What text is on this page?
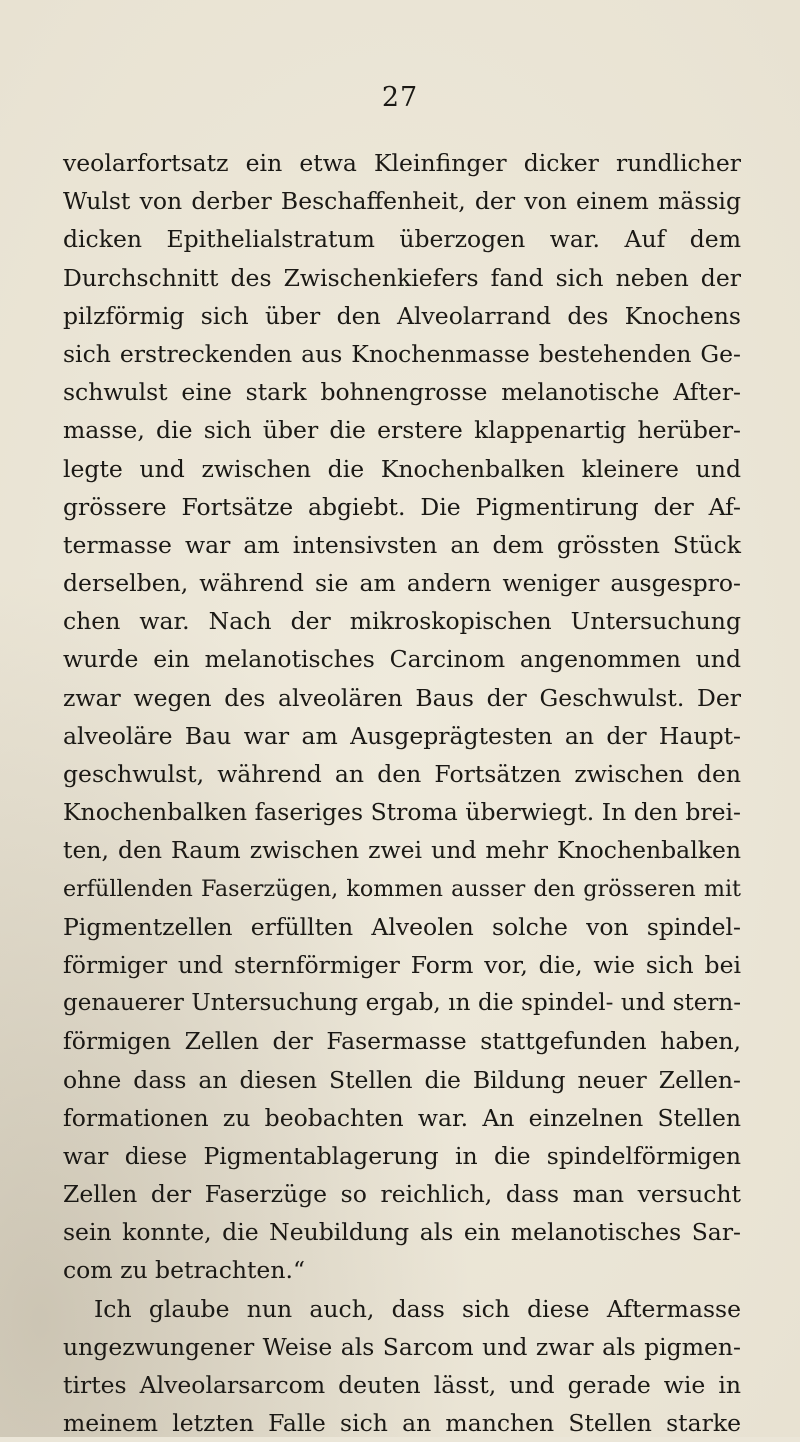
27
veolarfortsatz ein etwa Kleinfinger dicker rundlicher
Wulst von derber Beschaffenheit, der von einem mässig
dicken Epithelialstratum überzogen war. Auf dem
Durchschnitt des Zwischenkiefers fand sich neben der
pilzförmig sich über den Alveolarrand des Knochens
sich erstreckenden aus Knochenmasse bestehenden Ge-
schwulst eine stark bohnengrosse melanotische After-
masse, die sich über die erstere klappenartig herüber-
legte und zwischen die Knochenbalken kleinere und
grössere Fortsätze abgiebt. Die Pigmentirung der Af-
termasse war am intensivsten an dem grössten Stück
derselben, während sie am andern weniger ausgespro-
chen war. Nach der mikroskopischen Untersuchung
wurde ein melanotisches Carcinom angenommen und
zwar wegen des alveolären Baus der Geschwulst. Der
alveoläre Bau war am Ausgeprägtesten an der Haupt-
geschwulst, während an den Fortsätzen zwischen den
Knochenbalken faseriges Stroma überwiegt. In den brei-
ten, den Raum zwischen zwei und mehr Knochenbalken
erfüllenden Faserzügen, kommen ausser den grösseren mit
Pigmentzellen erfüllten Alveolen solche von spindel-
förmiger und sternförmiger Form vor, die, wie sich bei
genauerer Untersuchung ergab, ın die spindel- und stern-
förmigen Zellen der Fasermasse stattgefunden haben,
ohne dass an diesen Stellen die Bildung neuer Zellen-
formationen zu beobachten war. An einzelnen Stellen
war diese Pigmentablagerung in die spindelförmigen
Zellen der Faserzüge so reichlich, dass man versucht
sein konnte, die Neubildung als ein melanotisches Sar-
com zu betrachten.“
Ich glaube nun auch, dass sich diese Aftermasse
ungezwungener Weise als Sarcom und zwar als pigmen-
tirtes Alveolarsarcom deuten lässt, und gerade wie in
meinem letzten Falle sich an manchen Stellen starke
